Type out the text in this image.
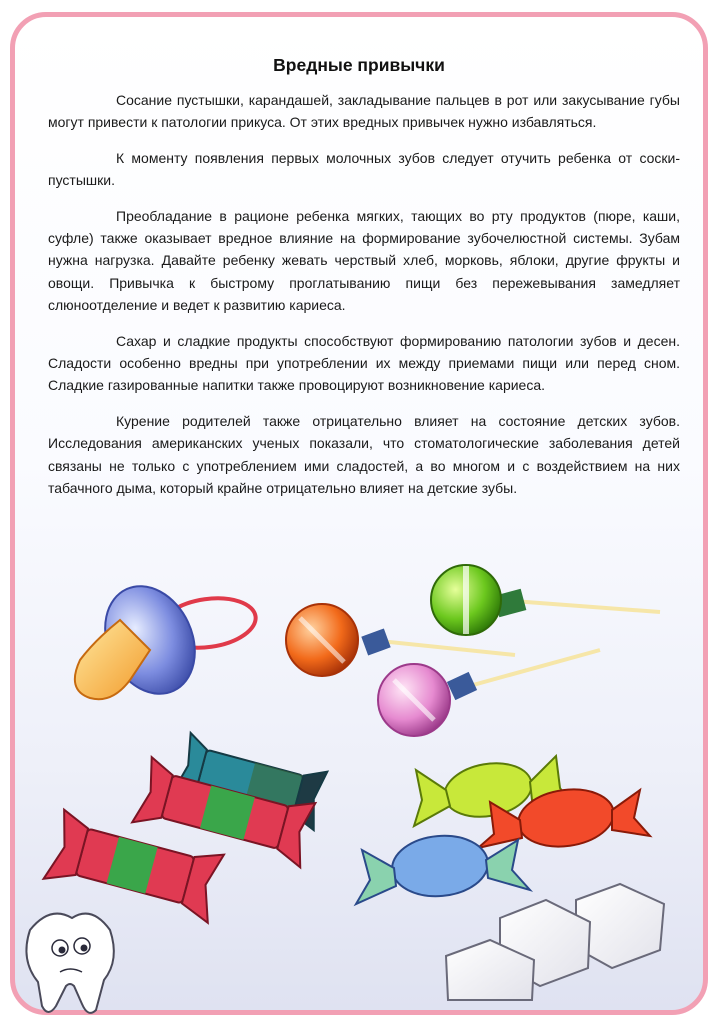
Вредные привычки

Сосание пустышки, карандашей, закладывание пальцев в рот или закусывание губы могут привести к патологии прикуса. От этих вредных привычек нужно избавляться.

К моменту появления первых молочных зубов следует отучить ребенка от соски-пустышки.

Преобладание в рационе ребенка мягких, тающих во рту продуктов (пюре, каши, суфле) также оказывает вредное влияние на формирование зубочелюстной системы. Зубам нужна нагрузка. Давайте ребенку жевать черствый хлеб, морковь, яблоки, другие фрукты и овощи. Привычка к быстрому проглатыванию пищи без пережевывания замедляет слюноотделение и ведет к развитию кариеса.

Сахар и сладкие продукты способствуют формированию патологии зубов и десен. Сладости особенно вредны при употреблении их между приемами пищи или перед сном. Сладкие газированные напитки также провоцируют возникновение кариеса.

Курение родителей также отрицательно влияет на состояние детских зубов. Исследования американских ученых показали, что стоматологические заболевания детей связаны не только с употреблением ими сладостей, а во многом и с воздействием на них табачного дыма, который крайне отрицательно влияет на детские зубы.
